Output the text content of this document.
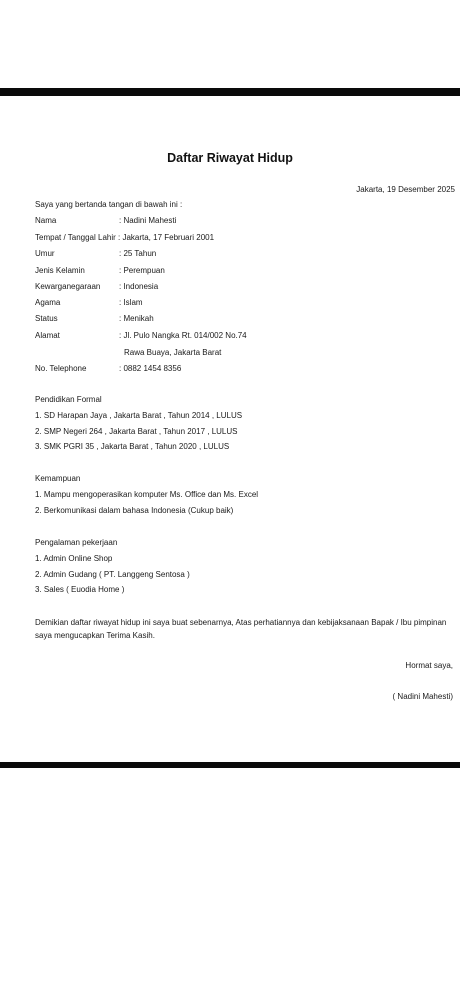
Daftar Riwayat Hidup
Jakarta, 19 Desember 2025
Saya yang bertanda tangan di bawah ini :
Nama	: Nadini Mahesti
Tempat / Tanggal Lahir : Jakarta, 17 Februari 2001
Umur	: 25 Tahun
Jenis Kelamin	: Perempuan
Kewarganegaraan : Indonesia
Agama	: Islam
Status	: Menikah
Alamat	: Jl. Pulo Nangka Rt. 014/002 No.74
Rawa Buaya, Jakarta Barat
No. Telephone	: 0882 1454 8356
Pendidikan Formal
1. SD Harapan Jaya , Jakarta Barat , Tahun 2014 , LULUS
2. SMP Negeri 264 , Jakarta Barat , Tahun 2017 , LULUS
3. SMK PGRI 35 , Jakarta Barat , Tahun 2020 , LULUS
Kemampuan
1. Mampu mengoperasikan komputer Ms. Office dan Ms. Excel
2. Berkomunikasi dalam bahasa Indonesia (Cukup baik)
Pengalaman pekerjaan
1. Admin Online Shop
2. Admin Gudang ( PT. Langgeng Sentosa )
3. Sales ( Euodia Home )
Demikian daftar riwayat hidup ini saya buat sebenarnya, Atas perhatiannya dan kebijaksanaan Bapak / Ibu pimpinan saya mengucapkan Terima Kasih.
Hormat saya,
( Nadini Mahesti)
